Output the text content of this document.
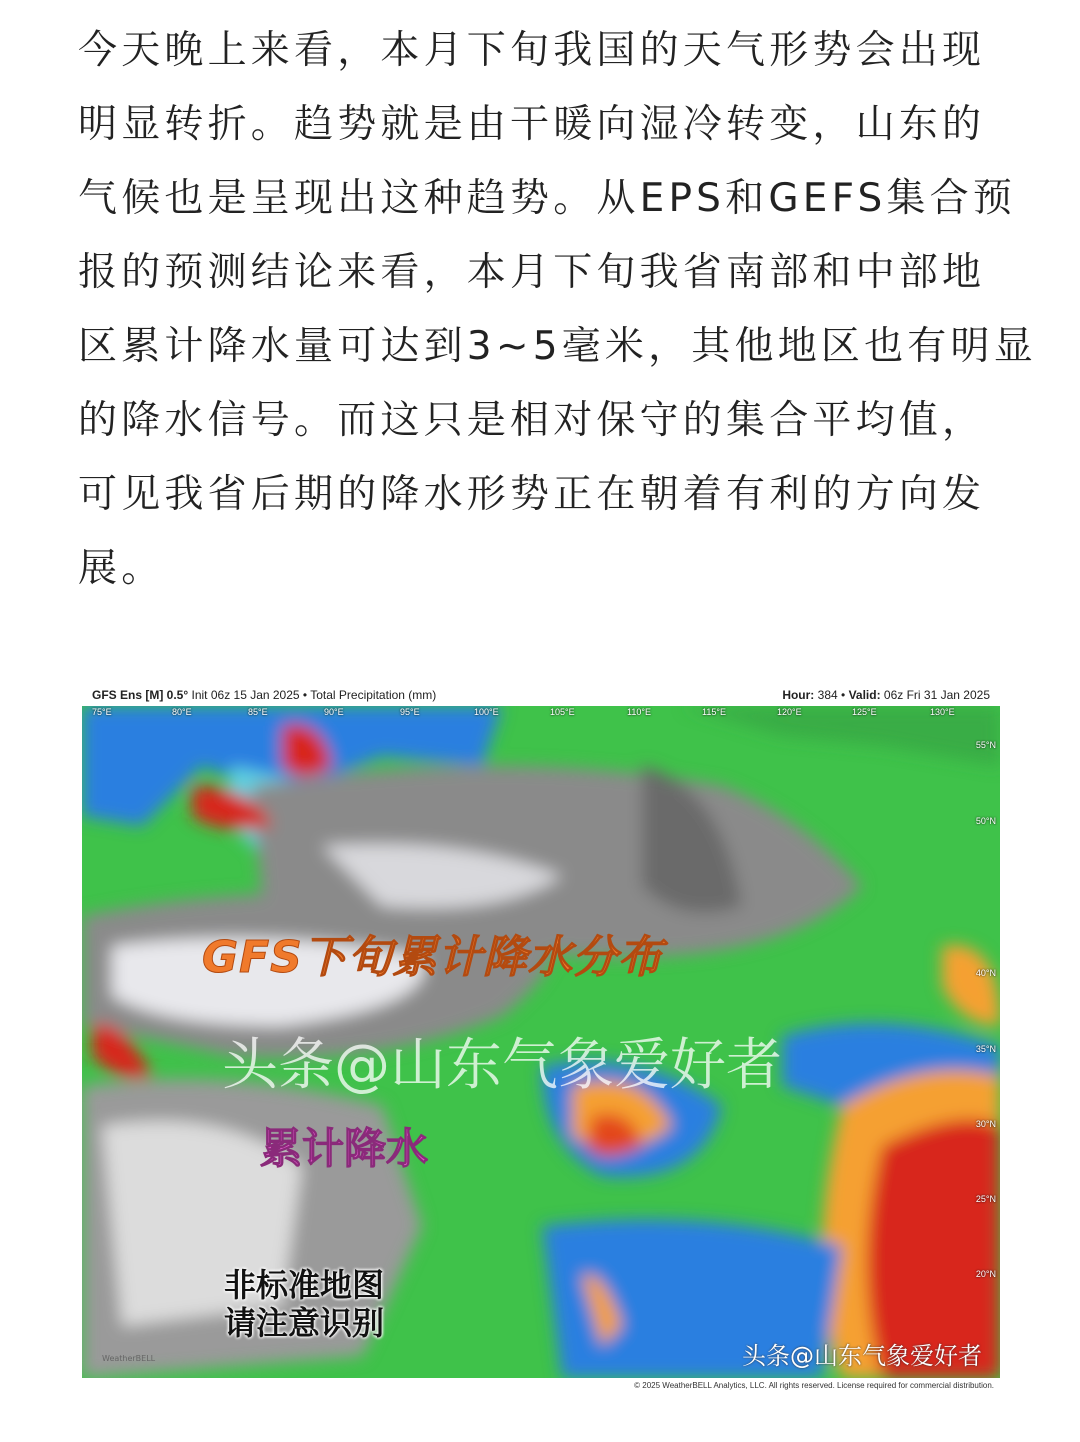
今天晚上来看，本月下旬我国的天气形势会出现
明显转折。趋势就是由干暖向湿冷转变，山东的
气候也是呈现出这种趋势。从EPS和GEFS集合预
报的预测结论来看，本月下旬我省南部和中部地
区累计降水量可达到3~5毫米，其他地区也有明显
的降水信号。而这只是相对保守的集合平均值，
可见我省后期的降水形势正在朝着有利的方向发
展。
GFS Ens [M] 0.5° Init 06z 15 Jan 2025 • Total Precipitation (mm)	Hour: 384 • Valid: 06z Fri 31 Jan 2025
75°E	80°E	85°E	90°E	95°E	100°E	105°E	110°E	115°E	120°E	125°E	130°E
55°N
50°N
40°N
35°N
30°N
25°N
20°N
GFS下旬累计降水分布
头条@山东气象爱好者
累计降水
非标准地图
请注意识别
头条@山东气象爱好者
WeatherBELL
© 2025 WeatherBELL Analytics, LLC. All rights reserved. License required for commercial distribution.
